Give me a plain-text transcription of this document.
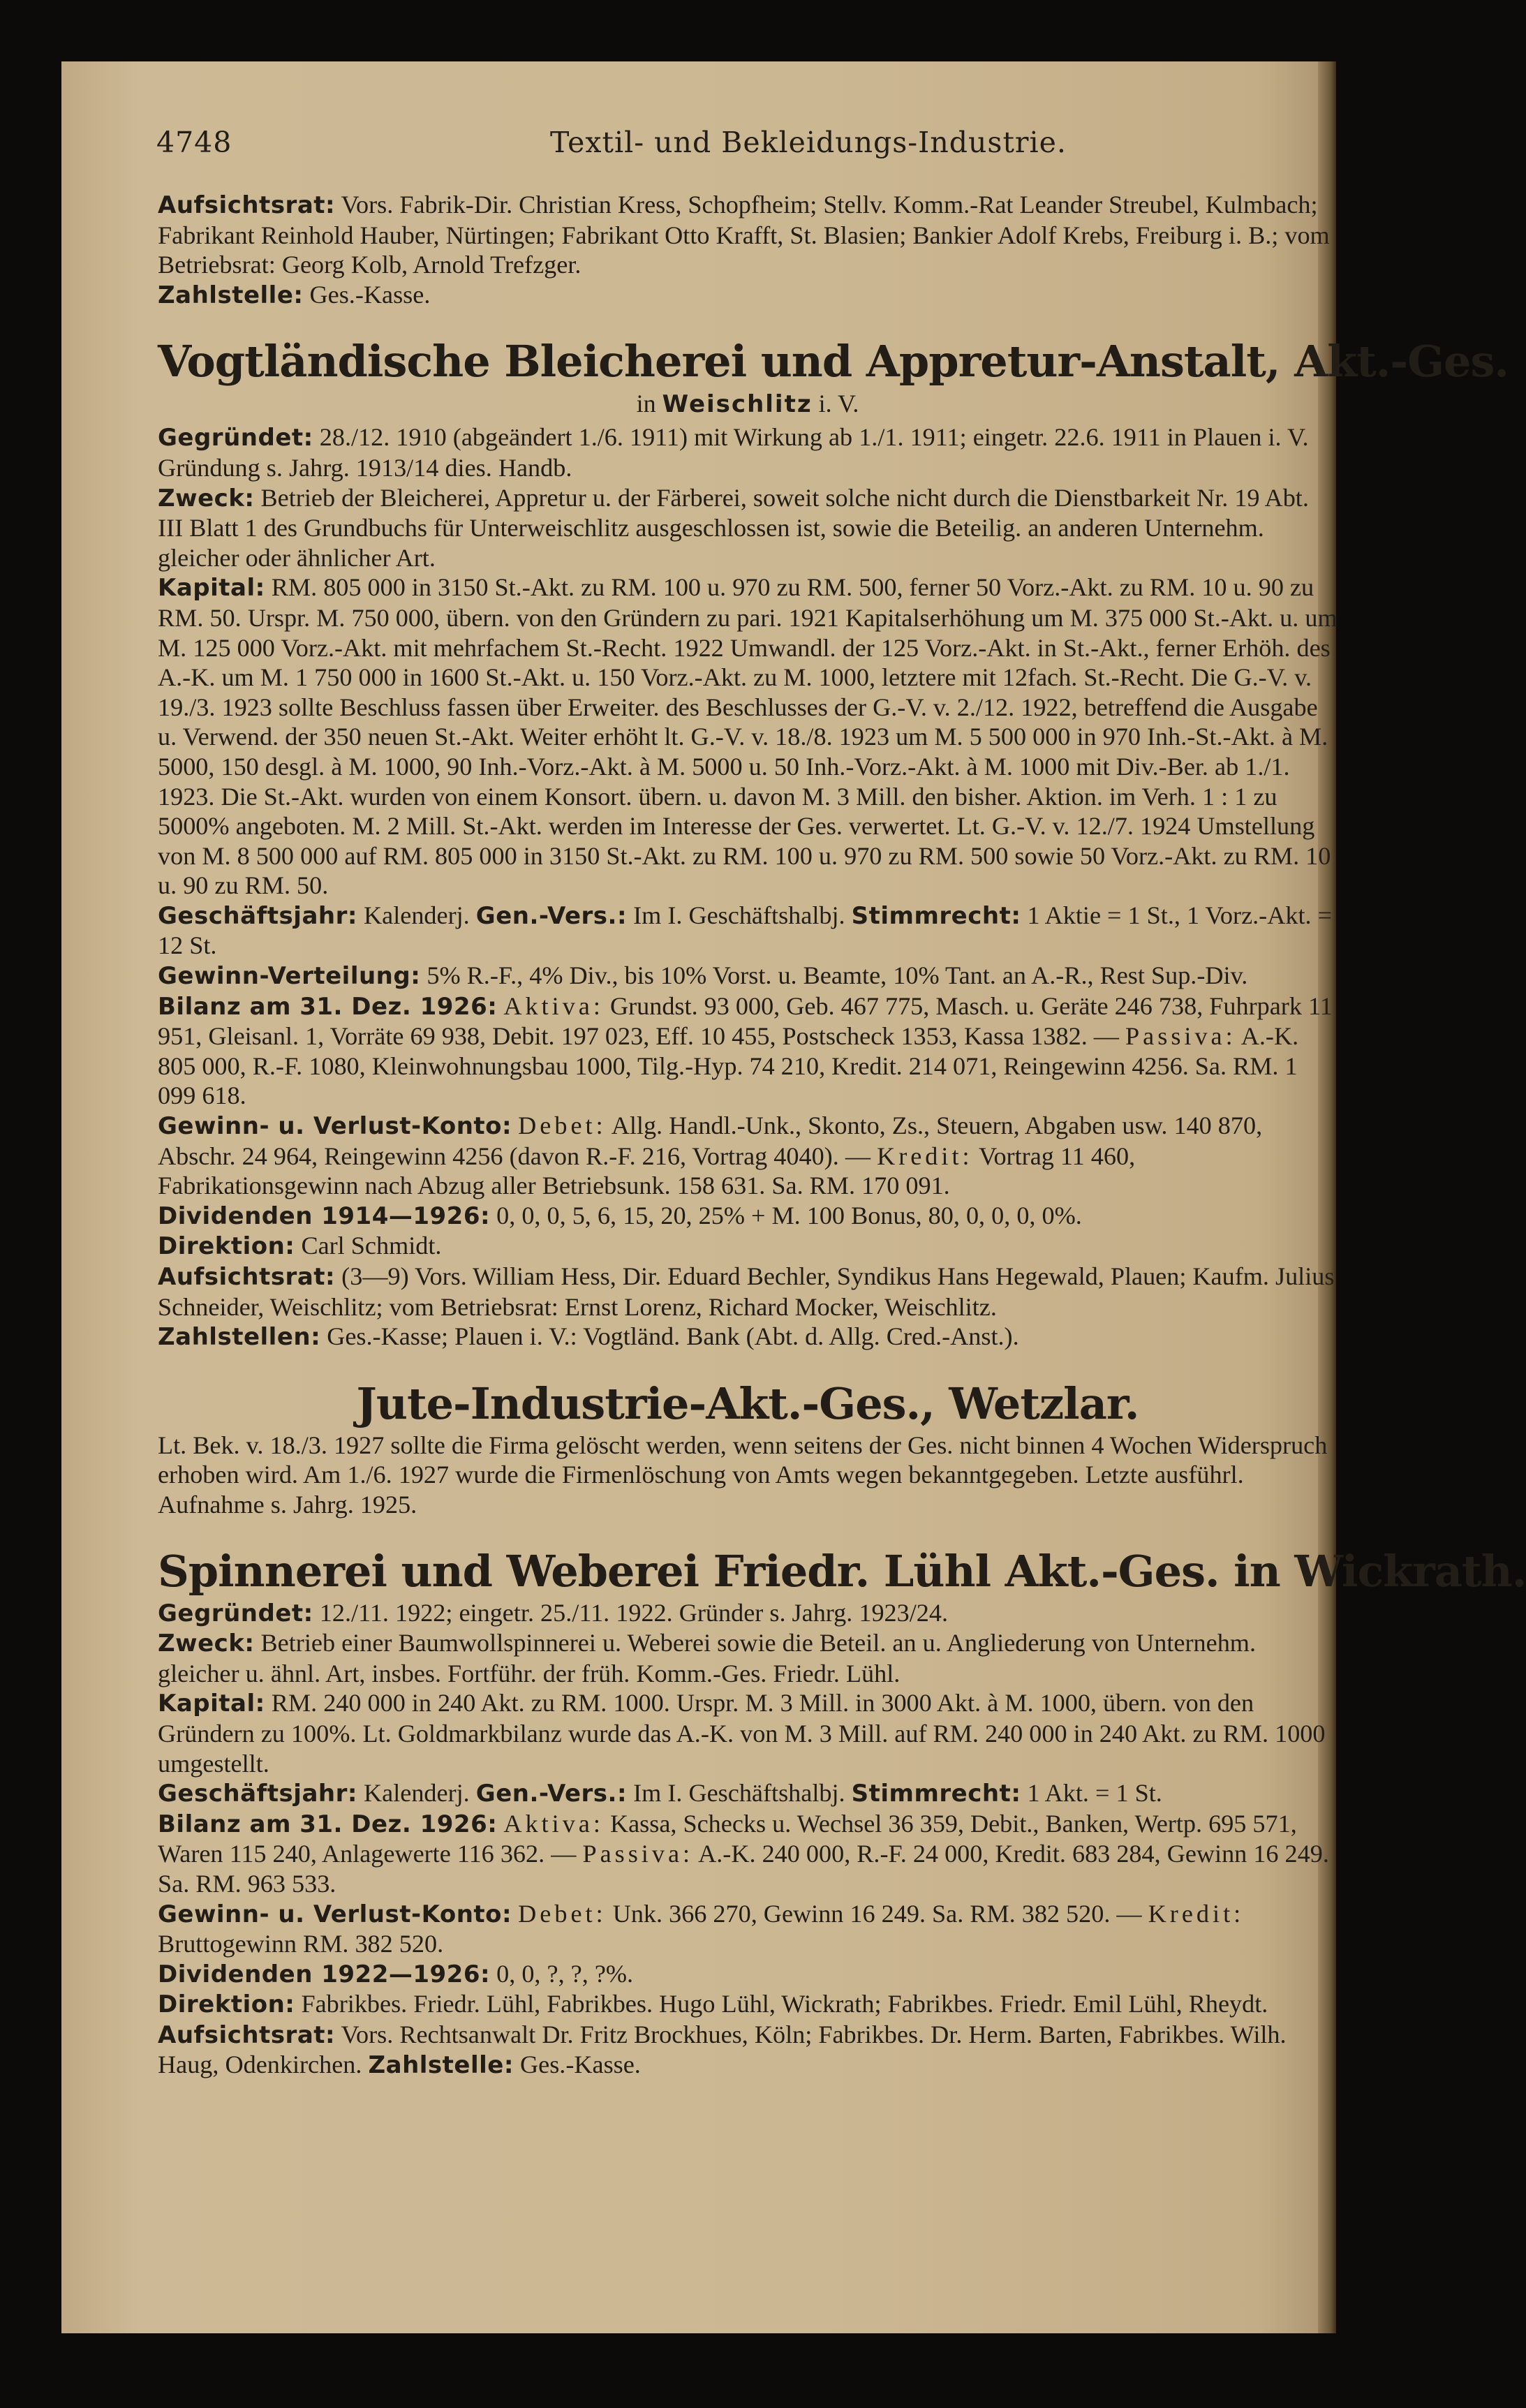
4748	Textil- und Bekleidungs-Industrie.

Aufsichtsrat: Vors. Fabrik-Dir. Christian Kress, Schopfheim; Stellv. Komm.-Rat Leander Streubel, Kulmbach; Fabrikant Reinhold Hauber, Nürtingen; Fabrikant Otto Krafft, St. Blasien; Bankier Adolf Krebs, Freiburg i. B.; vom Betriebsrat: Georg Kolb, Arnold Trefzger.

Zahlstelle: Ges.-Kasse.

Vogtländische Bleicherei und Appretur-Anstalt, Akt.-Ges.
in Weischlitz i. V.

Gegründet: 28./12. 1910 (abgeändert 1./6. 1911) mit Wirkung ab 1./1. 1911; eingetr. 22.6. 1911 in Plauen i. V. Gründung s. Jahrg. 1913/14 dies. Handb.

Zweck: Betrieb der Bleicherei, Appretur u. der Färberei, soweit solche nicht durch die Dienstbarkeit Nr. 19 Abt. III Blatt 1 des Grundbuchs für Unterweischlitz ausgeschlossen ist, sowie die Beteilig. an anderen Unternehm. gleicher oder ähnlicher Art.

Kapital: RM. 805 000 in 3150 St.-Akt. zu RM. 100 u. 970 zu RM. 500, ferner 50 Vorz.-Akt. zu RM. 10 u. 90 zu RM. 50. Urspr. M. 750 000, übern. von den Gründern zu pari. 1921 Kapitalserhöhung um M. 375 000 St.-Akt. u. um M. 125 000 Vorz.-Akt. mit mehrfachem St.-Recht. 1922 Umwandl. der 125 Vorz.-Akt. in St.-Akt., ferner Erhöh. des A.-K. um M. 1 750 000 in 1600 St.-Akt. u. 150 Vorz.-Akt. zu M. 1000, letztere mit 12fach. St.-Recht. Die G.-V. v. 19./3. 1923 sollte Beschluss fassen über Erweiter. des Beschlusses der G.-V. v. 2./12. 1922, betreffend die Ausgabe u. Verwend. der 350 neuen St.-Akt. Weiter erhöht lt. G.-V. v. 18./8. 1923 um M. 5 500 000 in 970 Inh.-St.-Akt. à M. 5000, 150 desgl. à M. 1000, 90 Inh.-Vorz.-Akt. à M. 5000 u. 50 Inh.-Vorz.-Akt. à M. 1000 mit Div.-Ber. ab 1./1. 1923. Die St.-Akt. wurden von einem Konsort. übern. u. davon M. 3 Mill. den bisher. Aktion. im Verh. 1 : 1 zu 5000% angeboten. M. 2 Mill. St.-Akt. werden im Interesse der Ges. verwertet. Lt. G.-V. v. 12./7. 1924 Umstellung von M. 8 500 000 auf RM. 805 000 in 3150 St.-Akt. zu RM. 100 u. 970 zu RM. 500 sowie 50 Vorz.-Akt. zu RM. 10 u. 90 zu RM. 50.

Geschäftsjahr: Kalenderj. Gen.-Vers.: Im I. Geschäftshalbj. Stimmrecht: 1 Aktie = 1 St., 1 Vorz.-Akt. = 12 St.

Gewinn-Verteilung: 5% R.-F., 4% Div., bis 10% Vorst. u. Beamte, 10% Tant. an A.-R., Rest Sup.-Div.

Bilanz am 31. Dez. 1926: Aktiva: Grundst. 93 000, Geb. 467 775, Masch. u. Geräte 246 738, Fuhrpark 11 951, Gleisanl. 1, Vorräte 69 938, Debit. 197 023, Eff. 10 455, Postscheck 1353, Kassa 1382. — Passiva: A.-K. 805 000, R.-F. 1080, Kleinwohnungsbau 1000, Tilg.-Hyp. 74 210, Kredit. 214 071, Reingewinn 4256. Sa. RM. 1 099 618.

Gewinn- u. Verlust-Konto: Debet: Allg. Handl.-Unk., Skonto, Zs., Steuern, Abgaben usw. 140 870, Abschr. 24 964, Reingewinn 4256 (davon R.-F. 216, Vortrag 4040). — Kredit: Vortrag 11 460, Fabrikationsgewinn nach Abzug aller Betriebsunk. 158 631. Sa. RM. 170 091.

Dividenden 1914—1926: 0, 0, 0, 5, 6, 15, 20, 25% + M. 100 Bonus, 80, 0, 0, 0, 0%.

Direktion: Carl Schmidt.

Aufsichtsrat: (3—9) Vors. William Hess, Dir. Eduard Bechler, Syndikus Hans Hegewald, Plauen; Kaufm. Julius Schneider, Weischlitz; vom Betriebsrat: Ernst Lorenz, Richard Mocker, Weischlitz.

Zahlstellen: Ges.-Kasse; Plauen i. V.: Vogtländ. Bank (Abt. d. Allg. Cred.-Anst.).

Jute-Industrie-Akt.-Ges., Wetzlar.

Lt. Bek. v. 18./3. 1927 sollte die Firma gelöscht werden, wenn seitens der Ges. nicht binnen 4 Wochen Widerspruch erhoben wird. Am 1./6. 1927 wurde die Firmenlöschung von Amts wegen bekanntgegeben. Letzte ausführl. Aufnahme s. Jahrg. 1925.

Spinnerei und Weberei Friedr. Lühl Akt.-Ges. in Wickrath.

Gegründet: 12./11. 1922; eingetr. 25./11. 1922. Gründer s. Jahrg. 1923/24.

Zweck: Betrieb einer Baumwollspinnerei u. Weberei sowie die Beteil. an u. Angliederung von Unternehm. gleicher u. ähnl. Art, insbes. Fortführ. der früh. Komm.-Ges. Friedr. Lühl.

Kapital: RM. 240 000 in 240 Akt. zu RM. 1000. Urspr. M. 3 Mill. in 3000 Akt. à M. 1000, übern. von den Gründern zu 100%. Lt. Goldmarkbilanz wurde das A.-K. von M. 3 Mill. auf RM. 240 000 in 240 Akt. zu RM. 1000 umgestellt.

Geschäftsjahr: Kalenderj. Gen.-Vers.: Im I. Geschäftshalbj. Stimmrecht: 1 Akt. = 1 St.

Bilanz am 31. Dez. 1926: Aktiva: Kassa, Schecks u. Wechsel 36 359, Debit., Banken, Wertp. 695 571, Waren 115 240, Anlagewerte 116 362. — Passiva: A.-K. 240 000, R.-F. 24 000, Kredit. 683 284, Gewinn 16 249. Sa. RM. 963 533.

Gewinn- u. Verlust-Konto: Debet: Unk. 366 270, Gewinn 16 249. Sa. RM. 382 520. — Kredit: Bruttogewinn RM. 382 520.

Dividenden 1922—1926: 0, 0, ?, ?, ?%.

Direktion: Fabrikbes. Friedr. Lühl, Fabrikbes. Hugo Lühl, Wickrath; Fabrikbes. Friedr. Emil Lühl, Rheydt.

Aufsichtsrat: Vors. Rechtsanwalt Dr. Fritz Brockhues, Köln; Fabrikbes. Dr. Herm. Barten, Fabrikbes. Wilh. Haug, Odenkirchen. Zahlstelle: Ges.-Kasse.
